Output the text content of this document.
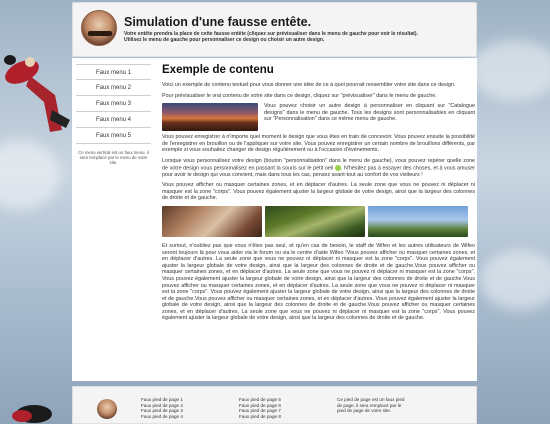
Simulation d'une fausse entête.
Votre entête prendra la place de cette fausse entête (cliquez sur prévisualiser dans le menu de gauche pour voir le résultat). Utilisez le menu de gauche pour personnaliser ce design ou choisir un autre design.
Faux menu 1
Faux menu 2
Faux menu 3
Faux menu 4
Faux menu 5
Ce menu vertical est un faux menu, il sera remplacé par le menu de votre site.
Exemple de contenu

Voici un exemple de contenu textuel pour vous donner une idée de ce à quoi pourrait ressembler votre site dans ce design.

Pour prévisualiser le vrai contenu de votre site dans ce design, cliquez sur "prévisualiser" dans le menu de gauche.

Vous pouvez choisir un autre design à personnaliser en cliquant sur "Catalogue designs" dans le menu de gauche. Tous les designs sont personnalisables en cliquant sur "Personnalisation" dans ce même menu de gauche.

Vous pouvez enregistrer à n'importe quel moment le design que vous êtes en train de concevoir. Vous pouvez ensuite la possibilité de l'enregistrer en brouillon ou de l'appliquer sur votre site. Vous pouvez enregistrer un certain nombre de brouillons différents, par exemple si vous souhaitez changer de design régulièrement ou à l'occasion d'évènements.

Lorsque vous personnalisez votre design (bouton "personnalisation" dans le menu de gauche), vous pouvez repérer quelle zone de votre design vous personnalisez en passant la souris sur le petit oeil . N'hésitez pas à essayer des choses, et à vous amuser pour avoir le design qui vous convient, mais dans tous les cas, pensez avant-tout au confort de vos visiteurs !

Vous pouvez afficher ou masquer certaines zones, et en déplacer d'autres. La seule zone que vous ne pouvez ni déplacer ni masquer est la zone "corps". Vous pouvez également ajuster la largeur globale de votre design, ainsi que la largeur des colonnes de droite et de gauche.

Et surtout, n'oubliez pas que vous n'êtes pas seul, et qu'en cas de besoin, le staff de Wifeo et les autres utilisateurs de Wifeo seront toujours là pour vous aider via le forum ou via le centre d'aide Wifeo !Vous pouvez afficher ou masquer certaines zones, et en déplacer d'autres. La seule zone que vous ne pouvez ni déplacer ni masquer est la zone "corps". Vous pouvez également ajuster la largeur globale de votre design, ainsi que la largeur des colonnes de droite et de gauche.Vous pouvez afficher ou masquer certaines zones, et en déplacer d'autres. La seule zone que vous ne pouvez ni déplacer ni masquer est la zone "corps". Vous pouvez également ajuster la largeur globale de votre design, ainsi que la largeur des colonnes de droite et de gauche.Vous pouvez afficher ou masquer certaines zones, et en déplacer d'autres. La seule zone que vous ne pouvez ni déplacer ni masquer est la zone "corps". Vous pouvez également ajuster la largeur globale de votre design, ainsi que la largeur des colonnes de droite et de gauche.Vous pouvez afficher ou masquer certaines zones, et en déplacer d'autres. Vous pouvez également ajuster la largeur globale de votre design, ainsi que la largeur des colonnes de droite et de gauche.Vous pouvez afficher ou masquer certaines zones, et en déplacer d'autres. La seule zone que vous ne pouvez ni déplacer ni masquer est la zone "corps". Vous pouvez également ajuster la largeur globale de votre design, ainsi que la largeur des colonnes de droite et de gauche.

Faux pied de page 1
Faux pied de page 2
Faux pied de page 3
Faux pied de page 4
Faux pied de page 5
Faux pied de page 6
Faux pied de page 7
Faux pied de page 8
Ce pied de page est un faux pied de page, il sera remplacé par le pied de page de votre site.
